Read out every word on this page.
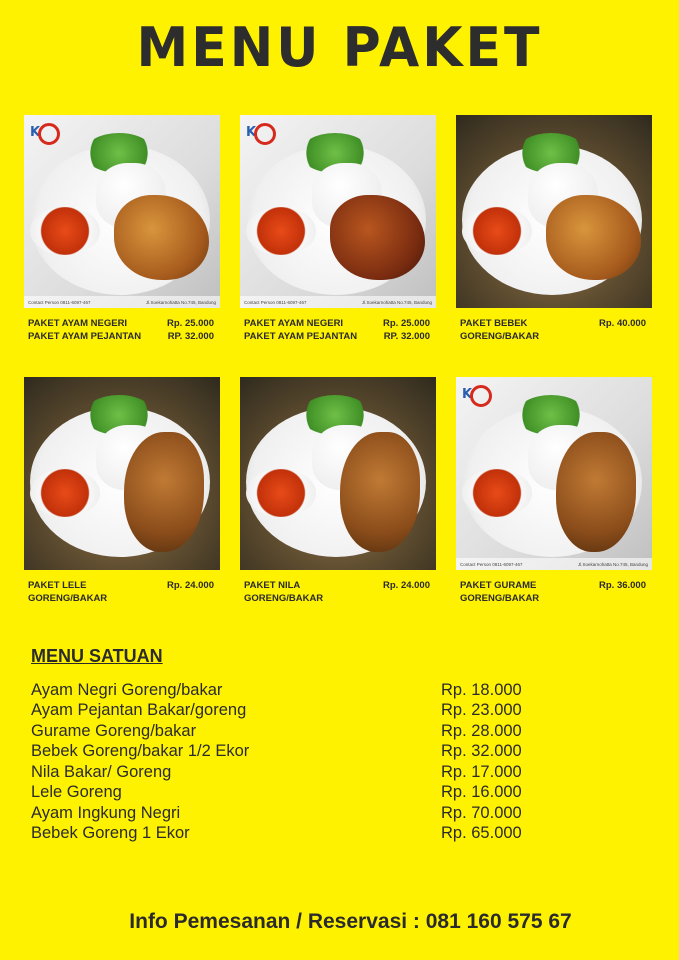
MENU PAKET
K
Contact Person 0811-6097-467	Jl.Soekarnohatta No.745, Bandung
PAKET AYAM NEGERI	Rp. 25.000
PAKET AYAM PEJANTAN	RP. 32.000
K
Contact Person 0811-6097-467	Jl.Soekarnohatta No.745, Bandung
PAKET AYAM NEGERI	Rp. 25.000
PAKET AYAM PEJANTAN	RP. 32.000
PAKET BEBEK	Rp. 40.000
GORENG/BAKAR
PAKET LELE	Rp. 24.000
GORENG/BAKAR
PAKET NILA	Rp. 24.000
GORENG/BAKAR
K
Contact Person 0811-6097-467	Jl.Soekarnohatta No.745, Bandung
PAKET GURAME	Rp. 36.000
GORENG/BAKAR
MENU SATUAN
Ayam Negri Goreng/bakar	Rp. 18.000
Ayam Pejantan Bakar/goreng	Rp. 23.000
Gurame Goreng/bakar	Rp. 28.000
Bebek Goreng/bakar 1/2 Ekor	Rp. 32.000
Nila Bakar/ Goreng	Rp. 17.000
Lele Goreng	Rp. 16.000
Ayam Ingkung Negri	Rp. 70.000
Bebek Goreng 1 Ekor	Rp. 65.000
Info Pemesanan / Reservasi : 081 160 575 67
